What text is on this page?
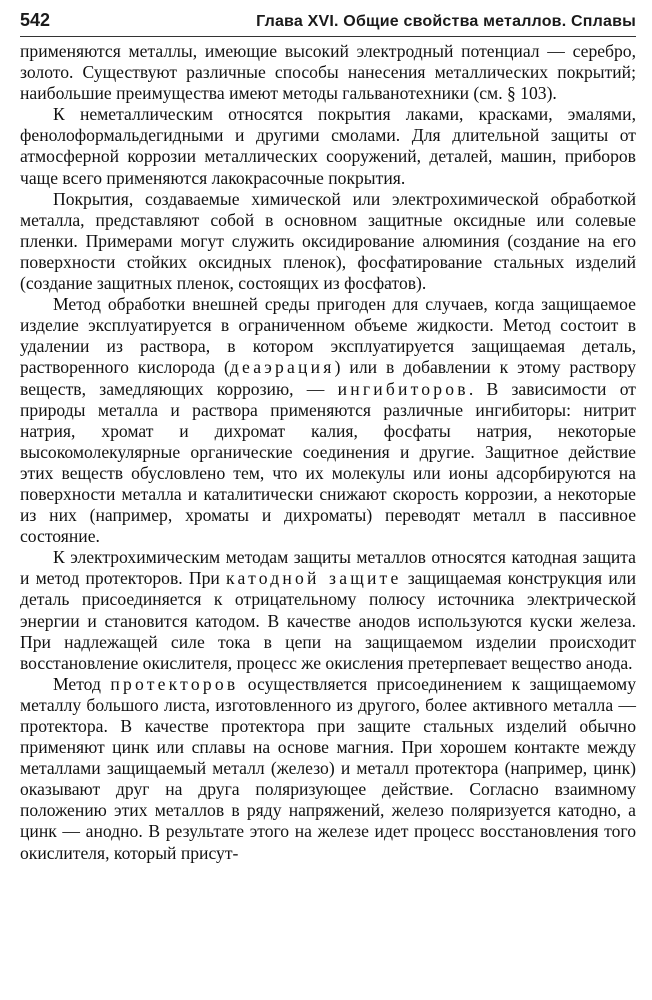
542	Глава XVI. Общие свойства металлов. Сплавы

применяются металлы, имеющие высокий электродный потенциал — серебро, золото. Существуют различные способы нанесения металлических покрытий; наибольшие преимущества имеют методы гальванотехники (см. § 103).

К неметаллическим относятся покрытия лаками, красками, эмалями, фенолоформальдегидными и другими смолами. Для длительной защиты от атмосферной коррозии металлических сооружений, деталей, машин, приборов чаще всего применяются лакокрасочные покрытия.

Покрытия, создаваемые химической или электрохимической обработкой металла, представляют собой в основном защитные оксидные или солевые пленки. Примерами могут служить оксидирование алюминия (создание на его поверхности стойких оксидных пленок), фосфатирование стальных изделий (создание защитных пленок, состоящих из фосфатов).

Метод обработки внешней среды пригоден для случаев, когда защищаемое изделие эксплуатируется в ограниченном объеме жидкости. Метод состоит в удалении из раствора, в котором эксплуатируется защищаемая деталь, растворенного кислорода (деаэрация) или в добавлении к этому раствору веществ, замедляющих коррозию, — ингибиторов. В зависимости от природы металла и раствора применяются различные ингибиторы: нитрит натрия, хромат и дихромат калия, фосфаты натрия, некоторые высокомолекулярные органические соединения и другие. Защитное действие этих веществ обусловлено тем, что их молекулы или ионы адсорбируются на поверхности металла и каталитически снижают скорость коррозии, а некоторые из них (например, хроматы и дихроматы) переводят металл в пассивное состояние.

К электрохимическим методам защиты металлов относятся катодная защита и метод протекторов. При катодной защите защищаемая конструкция или деталь присоединяется к отрицательному полюсу источника электрической энергии и становится катодом. В качестве анодов используются куски железа. При надлежащей силе тока в цепи на защищаемом изделии происходит восстановление окислителя, процесс же окисления претерпевает вещество анода.

Метод протекторов осуществляется присоединением к защищаемому металлу большого листа, изготовленного из другого, более активного металла — протектора. В качестве протектора при защите стальных изделий обычно применяют цинк или сплавы на основе магния. При хорошем контакте между металлами защищаемый металл (железо) и металл протектора (например, цинк) оказывают друг на друга поляризующее действие. Согласно взаимному положению этих металлов в ряду напряжений, железо поляризуется катодно, а цинк — анодно. В результате этого на железе идет процесс восстановления того окислителя, который присут-
